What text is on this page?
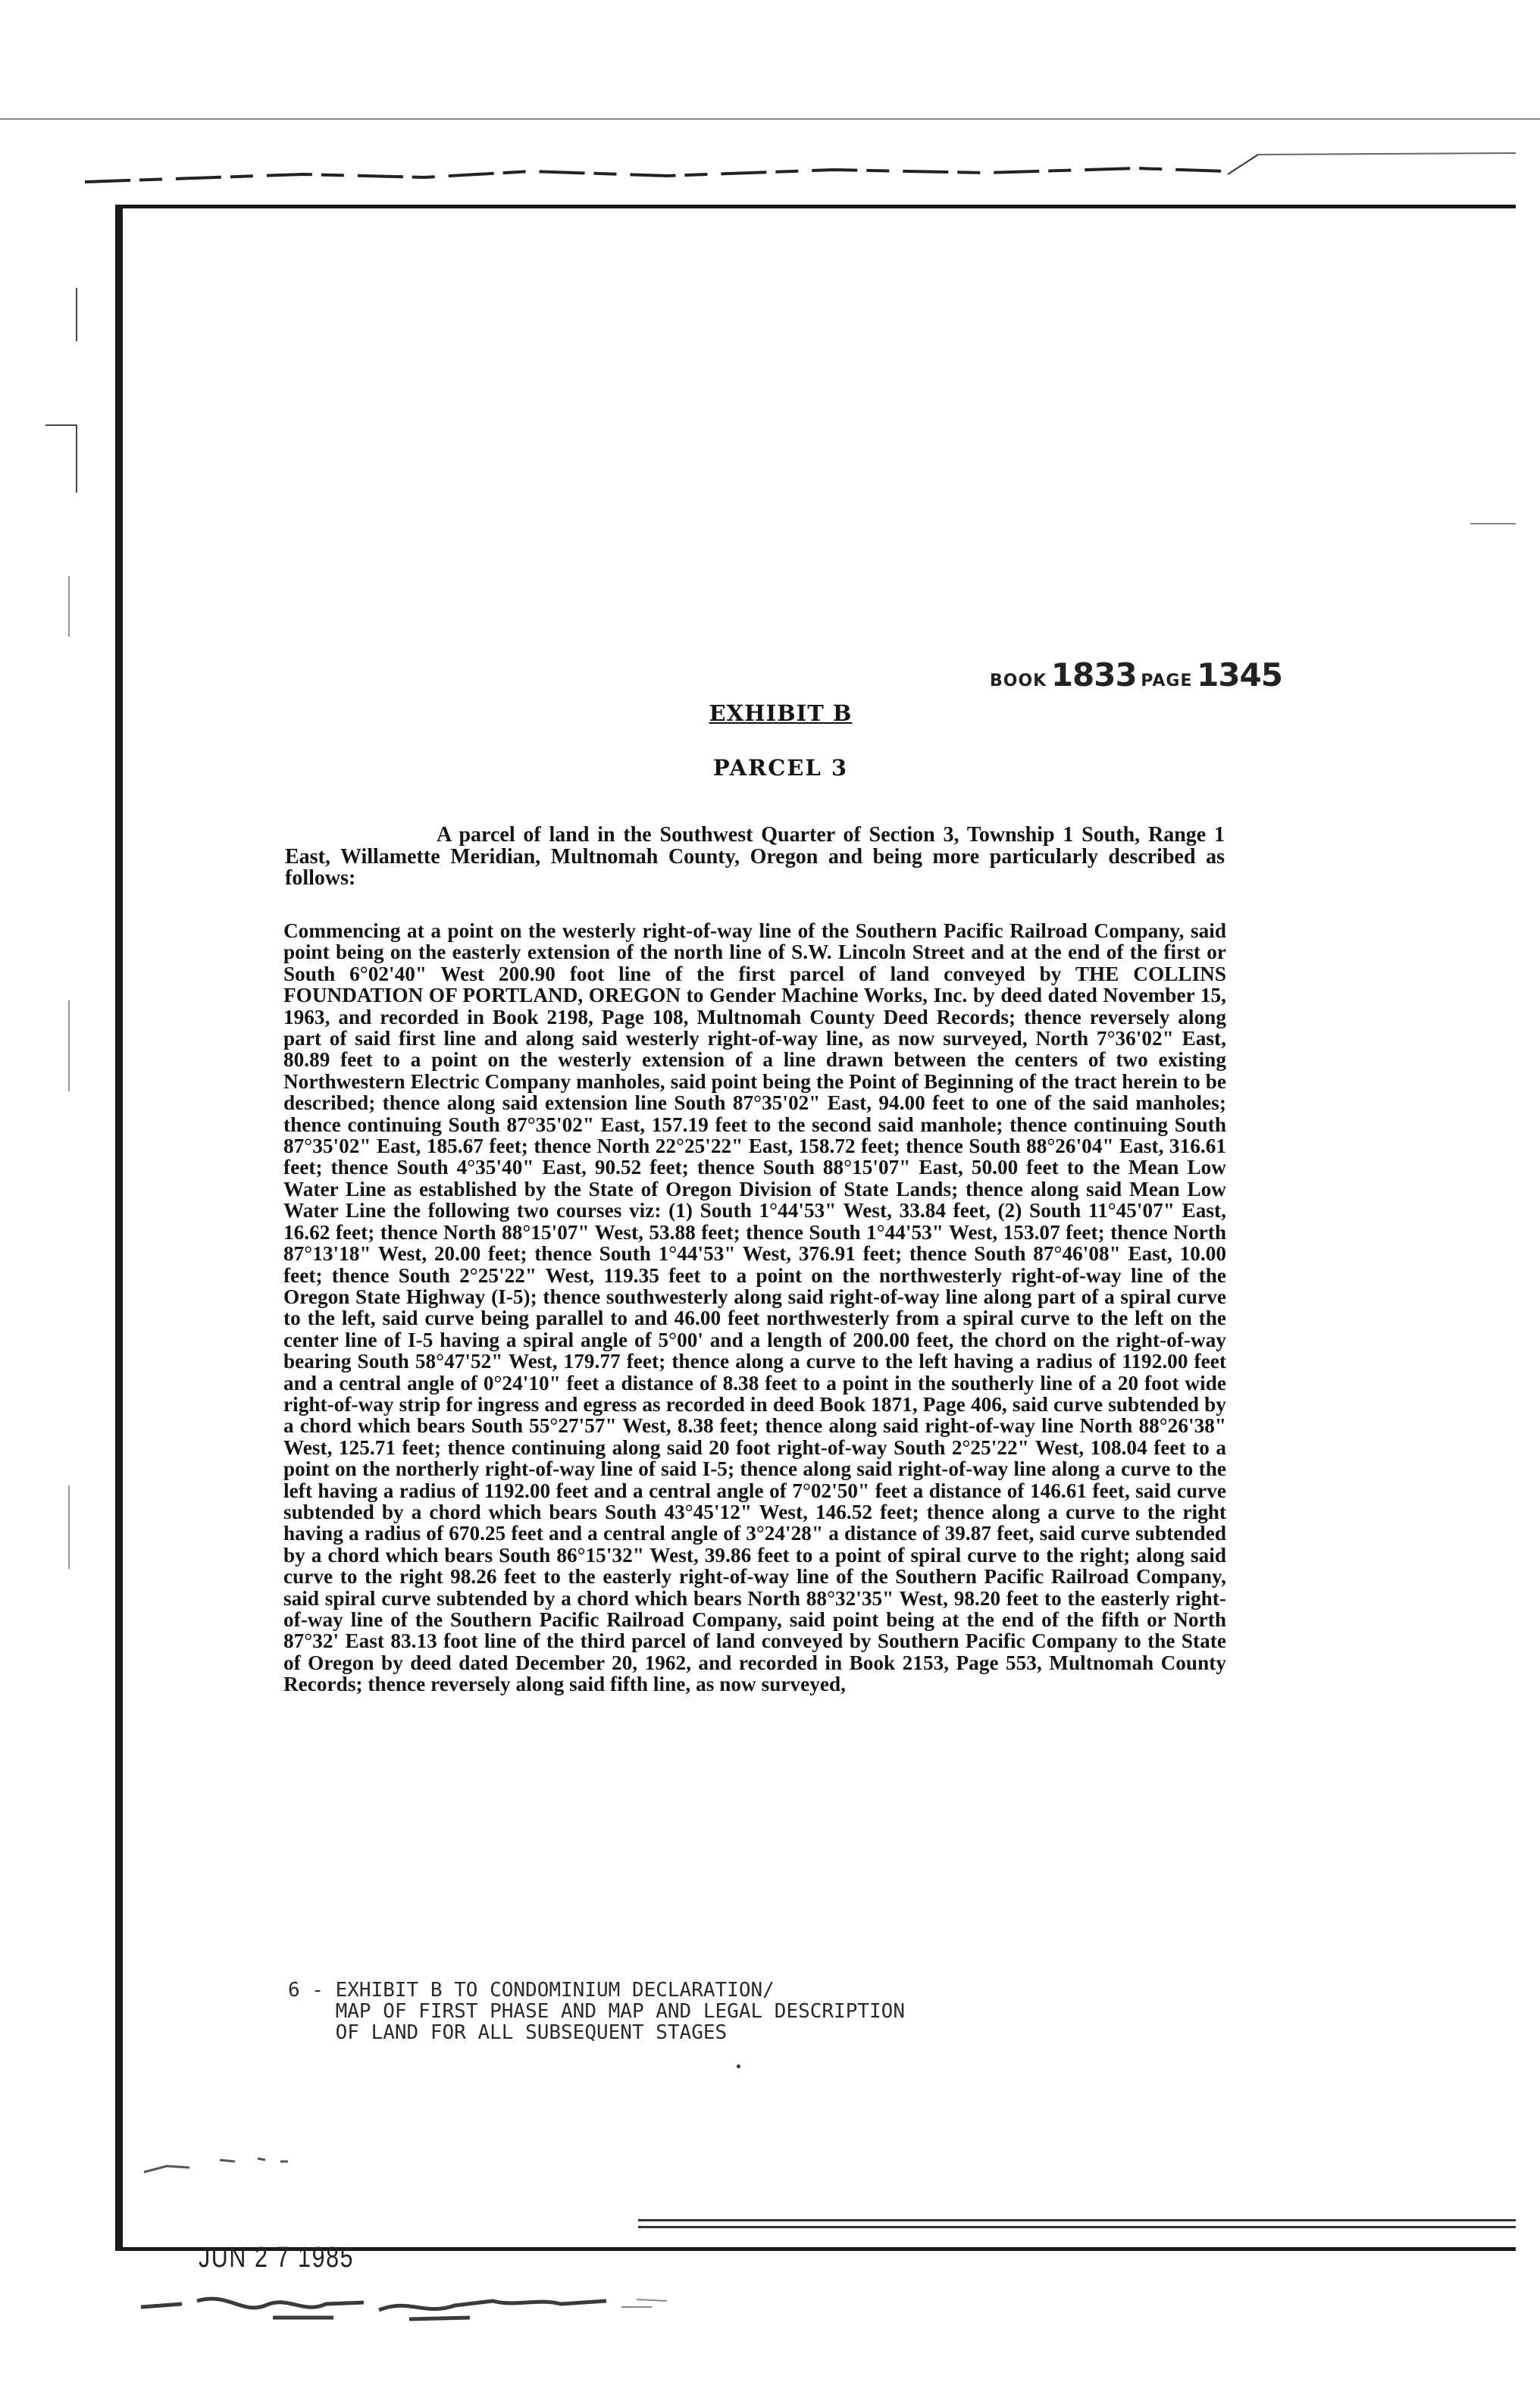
BOOK 1833 PAGE 1345
EXHIBIT B
PARCEL 3
A parcel of land in the Southwest Quarter of Section 3, Township 1 South, Range 1 East, Willamette Meridian, Multnomah County, Oregon and being more particularly described as follows:
Commencing at a point on the westerly right-of-way line of the Southern Pacific Railroad Company, said point being on the easterly extension of the north line of S.W. Lincoln Street and at the end of the first or South 6°02'40" West 200.90 foot line of the first parcel of land conveyed by THE COLLINS FOUNDATION OF PORTLAND, OREGON to Gender Machine Works, Inc. by deed dated November 15, 1963, and recorded in Book 2198, Page 108, Multnomah County Deed Records; thence reversely along part of said first line and along said westerly right-of-way line, as now surveyed, North 7°36'02" East, 80.89 feet to a point on the westerly extension of a line drawn between the centers of two existing Northwestern Electric Company manholes, said point being the Point of Beginning of the tract herein to be described; thence along said extension line South 87°35'02" East, 94.00 feet to one of the said manholes; thence continuing South 87°35'02" East, 157.19 feet to the second said manhole; thence continuing South 87°35'02" East, 185.67 feet; thence North 22°25'22" East, 158.72 feet; thence South 88°26'04" East, 316.61 feet; thence South 4°35'40" East, 90.52 feet; thence South 88°15'07" East, 50.00 feet to the Mean Low Water Line as established by the State of Oregon Division of State Lands; thence along said Mean Low Water Line the following two courses viz: (1) South 1°44'53" West, 33.84 feet, (2) South 11°45'07" East, 16.62 feet; thence North 88°15'07" West, 53.88 feet; thence South 1°44'53" West, 153.07 feet; thence North 87°13'18" West, 20.00 feet; thence South 1°44'53" West, 376.91 feet; thence South 87°46'08" East, 10.00 feet; thence South 2°25'22" West, 119.35 feet to a point on the northwesterly right-of-way line of the Oregon State Highway (I-5); thence southwesterly along said right-of-way line along part of a spiral curve to the left, said curve being parallel to and 46.00 feet northwesterly from a spiral curve to the left on the center line of I-5 having a spiral angle of 5°00' and a length of 200.00 feet, the chord on the right-of-way bearing South 58°47'52" West, 179.77 feet; thence along a curve to the left having a radius of 1192.00 feet and a central angle of 0°24'10" feet a distance of 8.38 feet to a point in the southerly line of a 20 foot wide right-of-way strip for ingress and egress as recorded in deed Book 1871, Page 406, said curve subtended by a chord which bears South 55°27'57" West, 8.38 feet; thence along said right-of-way line North 88°26'38" West, 125.71 feet; thence continuing along said 20 foot right-of-way South 2°25'22" West, 108.04 feet to a point on the northerly right-of-way line of said I-5; thence along said right-of-way line along a curve to the left having a radius of 1192.00 feet and a central angle of 7°02'50" feet a distance of 146.61 feet, said curve subtended by a chord which bears South 43°45'12" West, 146.52 feet; thence along a curve to the right having a radius of 670.25 feet and a central angle of 3°24'28" a distance of 39.87 feet, said curve subtended by a chord which bears South 86°15'32" West, 39.86 feet to a point of spiral curve to the right; along said curve to the right 98.26 feet to the easterly right-of-way line of the Southern Pacific Railroad Company, said spiral curve subtended by a chord which bears North 88°32'35" West, 98.20 feet to the easterly right-of-way line of the Southern Pacific Railroad Company, said point being at the end of the fifth or North 87°32' East 83.13 foot line of the third parcel of land conveyed by Southern Pacific Company to the State of Oregon by deed dated December 20, 1962, and recorded in Book 2153, Page 553, Multnomah County Records; thence reversely along said fifth line, as now surveyed,
6 - EXHIBIT B TO CONDOMINIUM DECLARATION/
MAP OF FIRST PHASE AND MAP AND LEGAL DESCRIPTION
OF LAND FOR ALL SUBSEQUENT STAGES
JUN 2 7 1985
